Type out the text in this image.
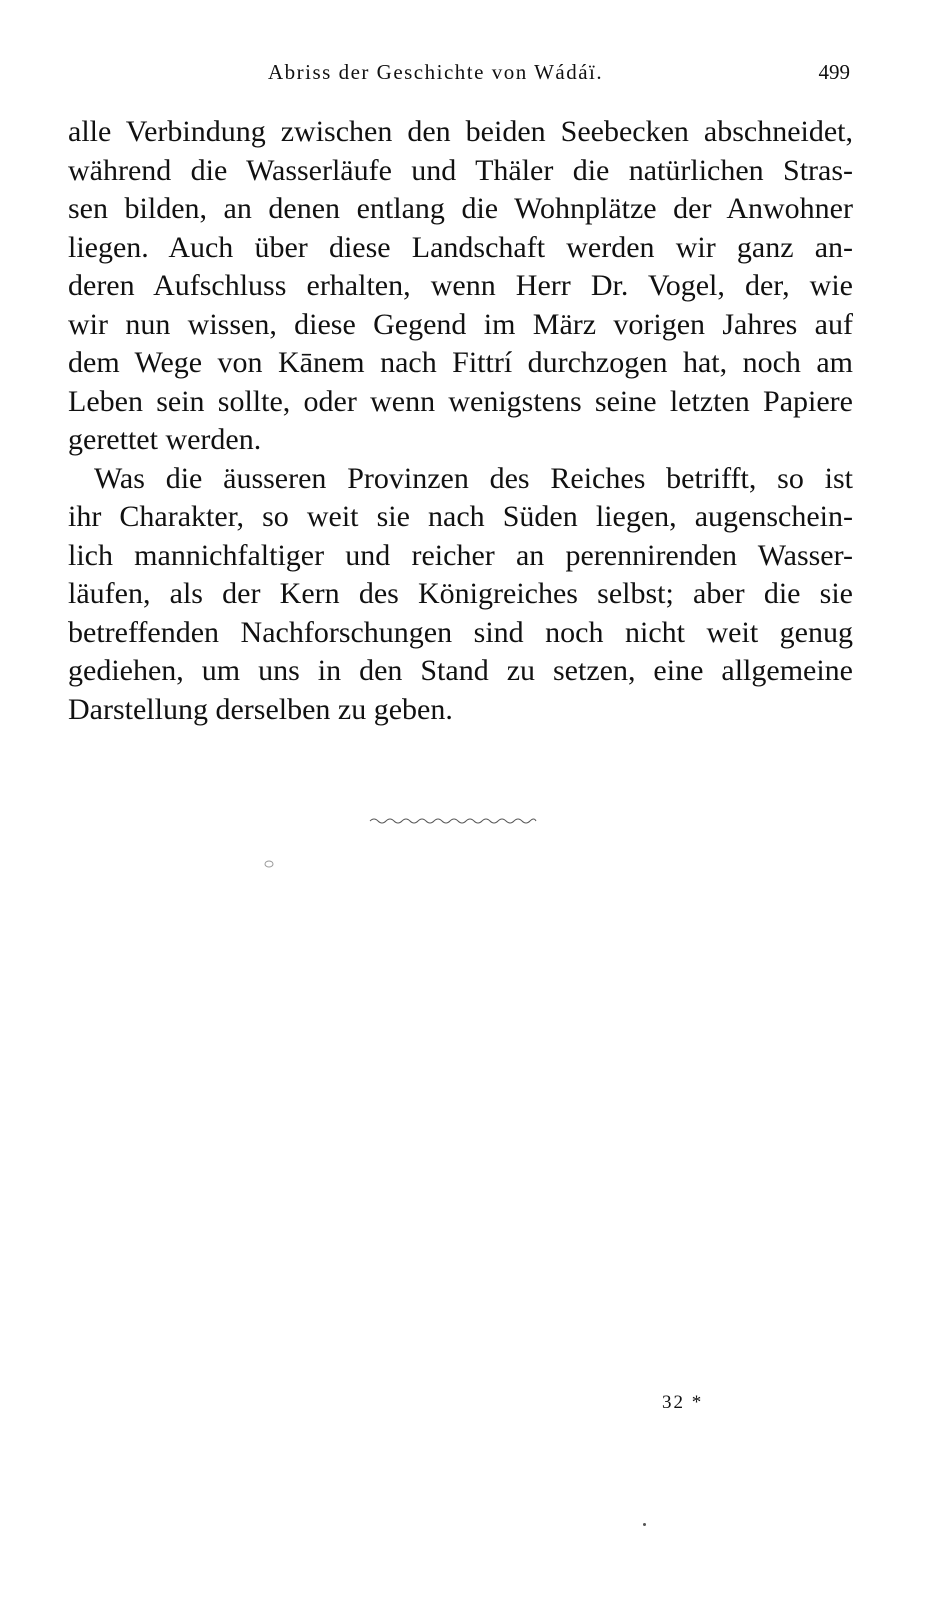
Abriss der Geschichte von Wádáï.	499
alle Verbindung zwischen den beiden Seebecken abschneidet,
während die Wasserläufe und Thäler die natürlichen Stras-
sen bilden, an denen entlang die Wohnplätze der Anwohner
liegen. Auch über diese Landschaft werden wir ganz an-
deren Aufschluss erhalten, wenn Herr Dr. Vogel, der, wie
wir nun wissen, diese Gegend im März vorigen Jahres auf
dem Wege von Kānem nach Fittrí durchzogen hat, noch am
Leben sein sollte, oder wenn wenigstens seine letzten Papiere
gerettet werden.
Was die äusseren Provinzen des Reiches betrifft, so ist
ihr Charakter, so weit sie nach Süden liegen, augenschein-
lich mannichfaltiger und reicher an perennirenden Wasser-
läufen, als der Kern des Königreiches selbst; aber die sie
betreffenden Nachforschungen sind noch nicht weit genug
gediehen, um uns in den Stand zu setzen, eine allgemeine
Darstellung derselben zu geben.
32 *
